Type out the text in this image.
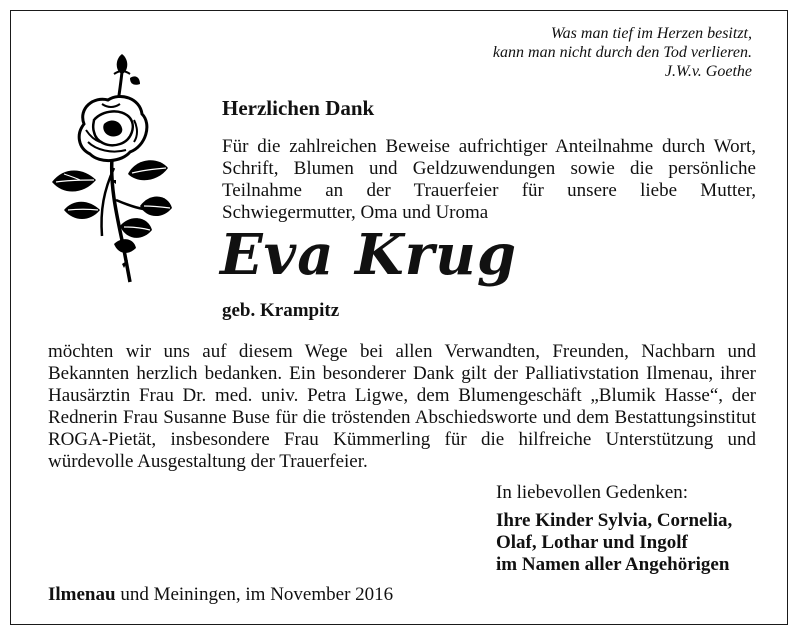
Was man tief im Herzen besitzt,
kann man nicht durch den Tod verlieren.
J.W.v. Goethe
Herzlichen Dank
Für die zahlreichen Beweise aufrichtiger Anteilnahme durch Wort, Schrift, Blumen und Geldzuwendungen sowie die persönliche Teilnahme an der Trauerfeier für unsere liebe Mutter, Schwiegermutter, Oma und Uroma
Eva Krug
geb. Krampitz
möchten wir uns auf diesem Wege bei allen Verwandten, Freunden, Nachbarn und Bekannten herzlich bedanken. Ein besonderer Dank gilt der Palliativstation Ilmenau, ihrer Hausärztin Frau Dr. med. univ. Petra Ligwe, dem Blumengeschäft „Blumik Hasse“, der Rednerin Frau Susanne Buse für die tröstenden Abschiedsworte und dem Bestattungsinstitut ROGA-Pietät, insbesondere Frau Kümmerling für die hilfreiche Unterstützung und würdevolle Ausgestaltung der Trauerfeier.
In liebevollen Gedenken:
Ihre Kinder Sylvia, Cornelia,
Olaf, Lothar und Ingolf
im Namen aller Angehörigen
Ilmenau und Meiningen, im November 2016
